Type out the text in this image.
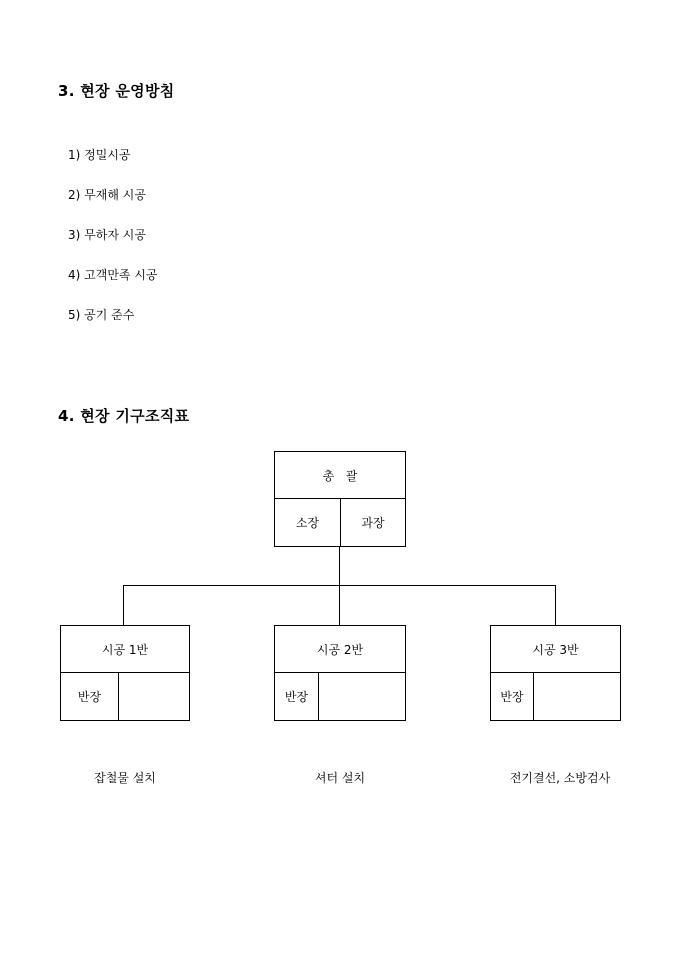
3. 현장 운영방침
1) 정밀시공
2) 무재해 시공
3) 무하자 시공
4) 고객만족 시공
5) 공기 준수
4. 현장 기구조직표
총   괄
소장	과장
시공 1반
반장
시공 2반
반장
시공 3반
반장
잡철물 설치	셔터 설치	전기결선, 소방검사
